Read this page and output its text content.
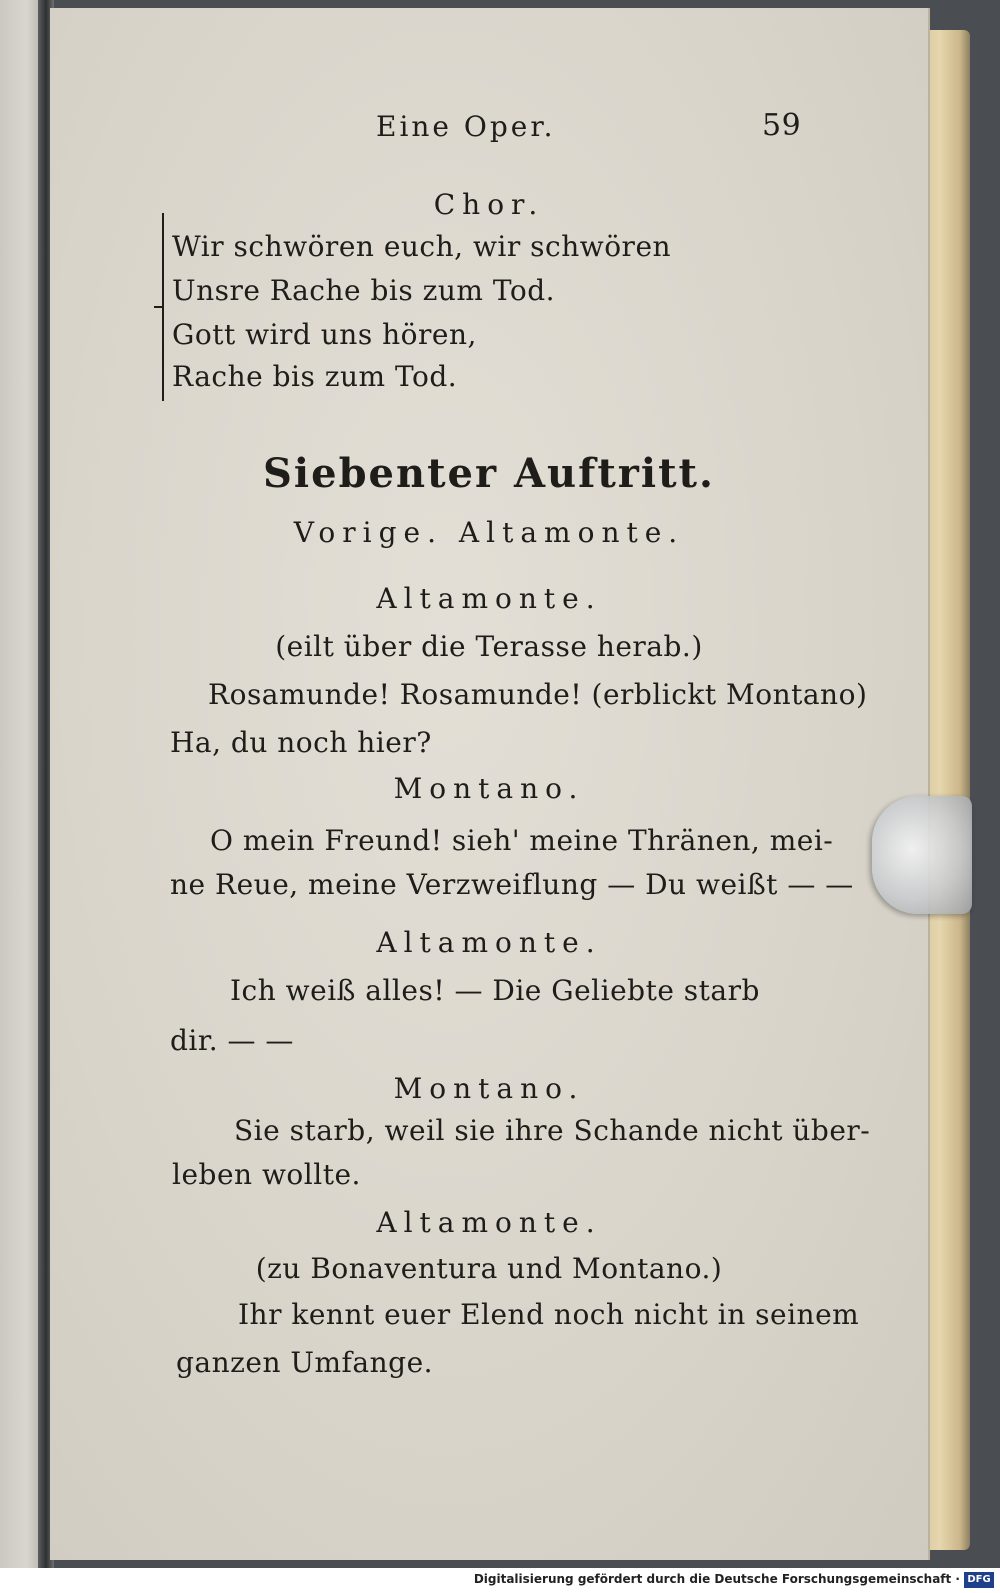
Eine Oper.	59
Chor.
Wir schwören euch, wir schwören
Unsre Rache bis zum Tod.
Gott wird uns hören,
Rache bis zum Tod.
Siebenter Auftritt.
Vorige. Altamonte.
Altamonte.
(eilt über die Terasse herab.)
Rosamunde! Rosamunde! (erblickt Montano)
Ha, du noch hier?
Montano.
O mein Freund! sieh' meine Thränen, mei-
ne Reue, meine Verzweiflung — Du weißt — —
Altamonte.
Ich weiß alles! — Die Geliebte starb
dir. — —
Montano.
Sie starb, weil sie ihre Schande nicht über-
leben wollte.
Altamonte.
(zu Bonaventura und Montano.)
Ihr kennt euer Elend noch nicht in seinem
ganzen Umfange.
Digitalisierung gefördert durch die Deutsche Forschungsgemeinschaft · DFG
